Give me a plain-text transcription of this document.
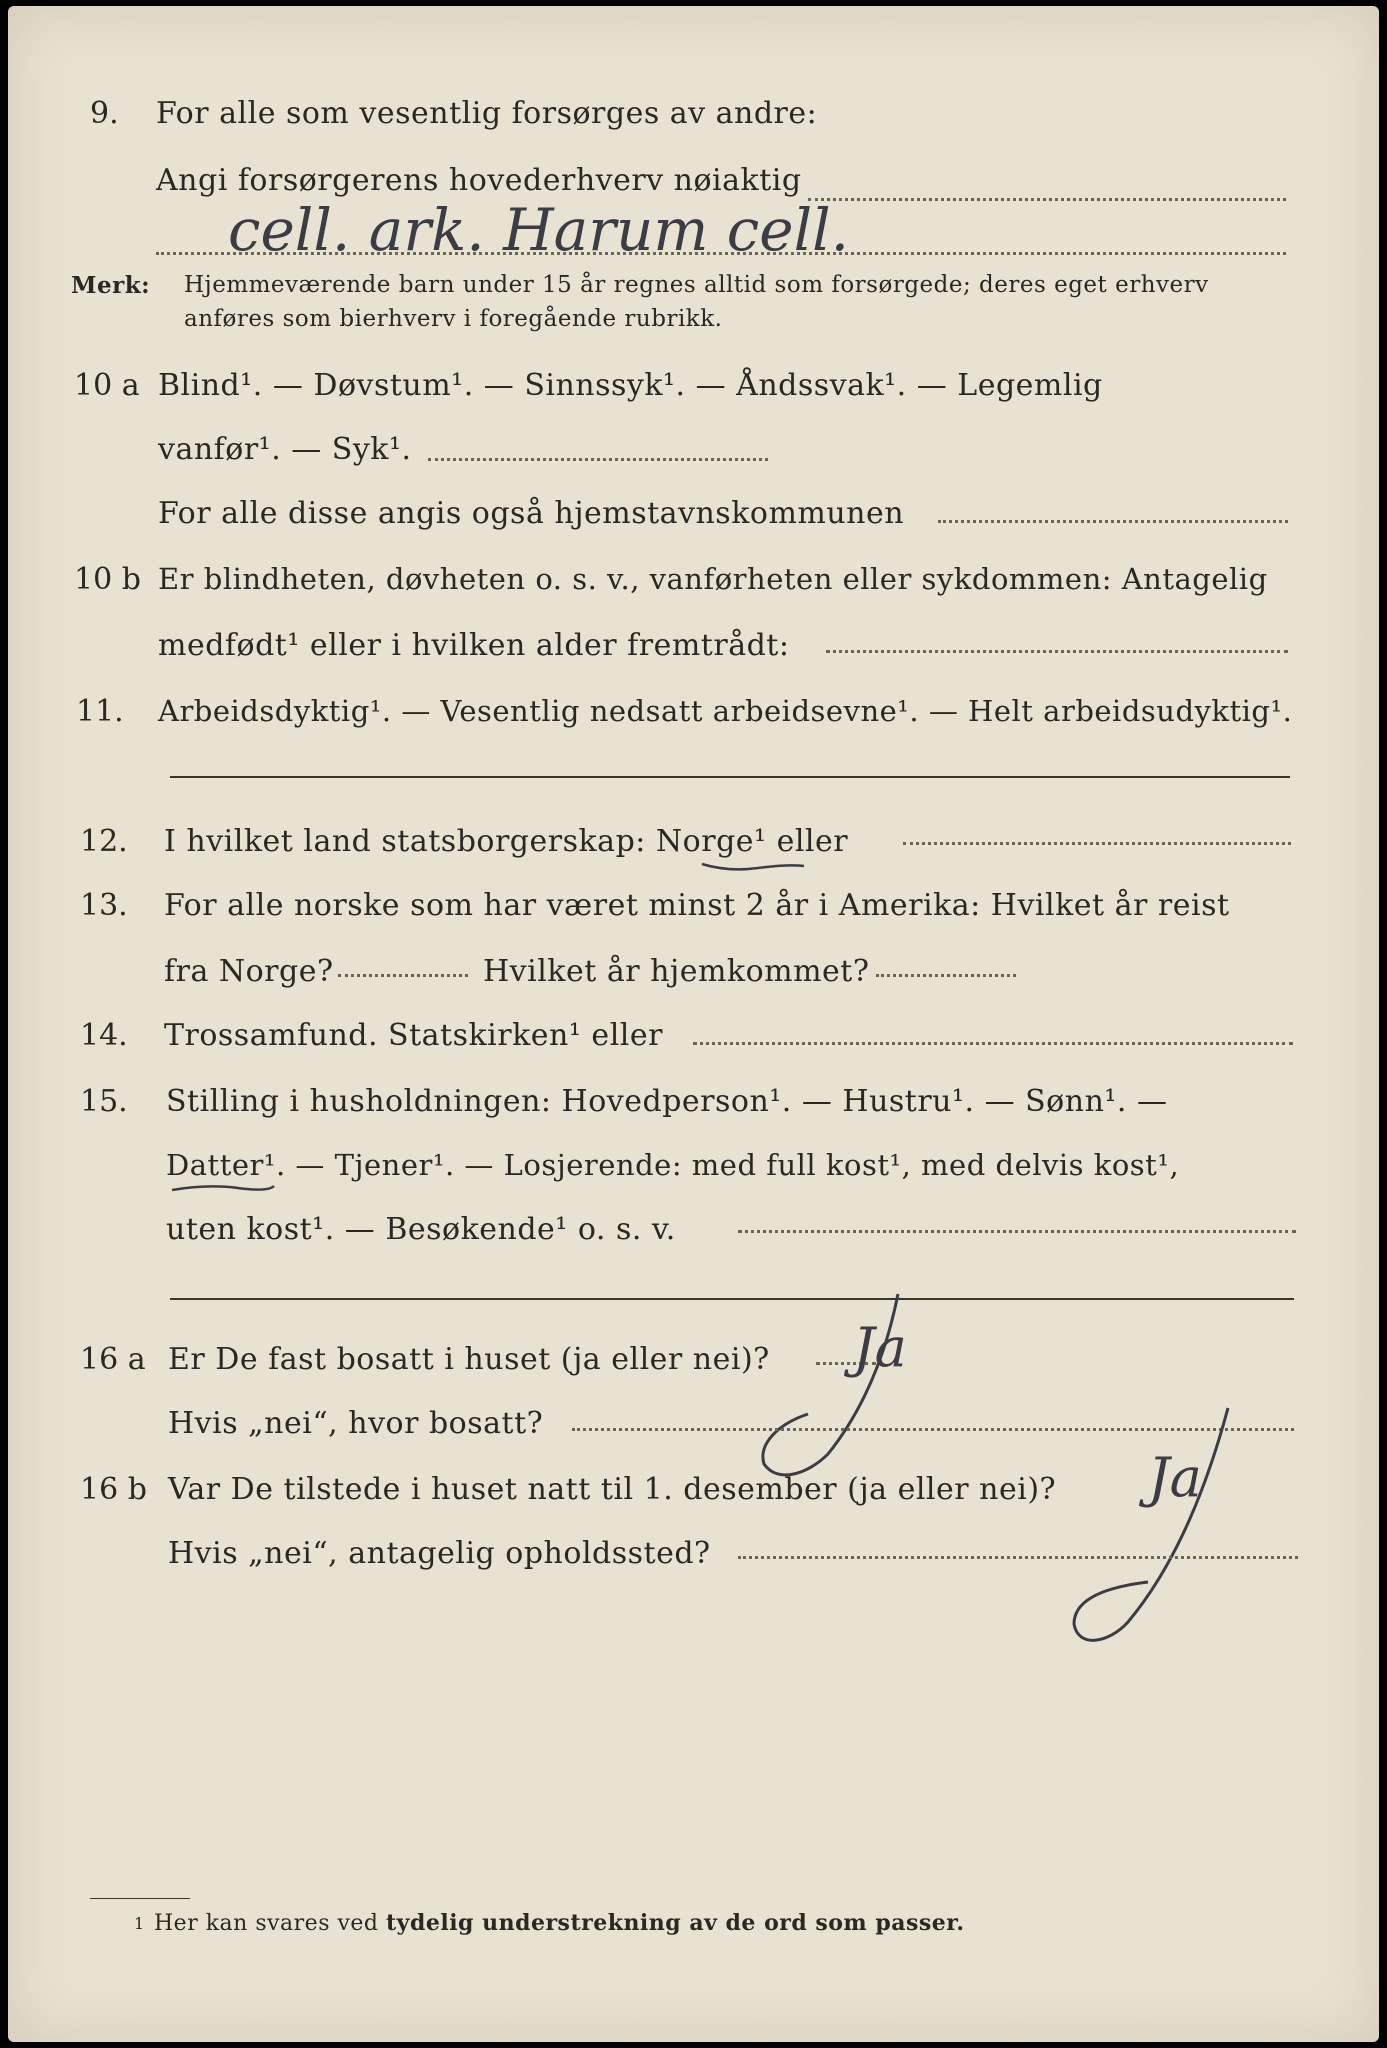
9. For alle som vesentlig forsørges av andre:
Angi forsørgerens hovederhverv nøiaktig
cell. ark. Harum cell.
Merk: Hjemmeværende barn under 15 år regnes alltid som forsørgede; deres eget erhverv
anføres som bierhverv i foregående rubrikk.
10 a Blind¹. — Døvstum¹. — Sinnssyk¹. — Åndssvak¹. — Legemlig
vanfør¹. — Syk¹.
For alle disse angis også hjemstavnskommunen
10 b Er blindheten, døvheten o. s. v., vanførheten eller sykdommen: Antagelig
medfødt¹ eller i hvilken alder fremtrådt:
11. Arbeidsdyktig¹. — Vesentlig nedsatt arbeidsevne¹. — Helt arbeidsudyktig¹.
12. I hvilket land statsborgerskap: Norge¹ eller
13. For alle norske som har været minst 2 år i Amerika: Hvilket år reist
fra Norge?	Hvilket år hjemkommet?
14. Trossamfund. Statskirken¹ eller
15. Stilling i husholdningen: Hovedperson¹. — Hustru¹. — Sønn¹. —
Datter¹. — Tjener¹. — Losjerende: med full kost¹, med delvis kost¹,
uten kost¹. — Besøkende¹ o. s. v.
16 a Er De fast bosatt i huset (ja eller nei)? Ja
Hvis „nei“, hvor bosatt?
16 b Var De tilstede i huset natt til 1. desember (ja eller nei)? Ja
Hvis „nei“, antagelig opholdssted?
1 Her kan svares ved tydelig understrekning av de ord som passer.
